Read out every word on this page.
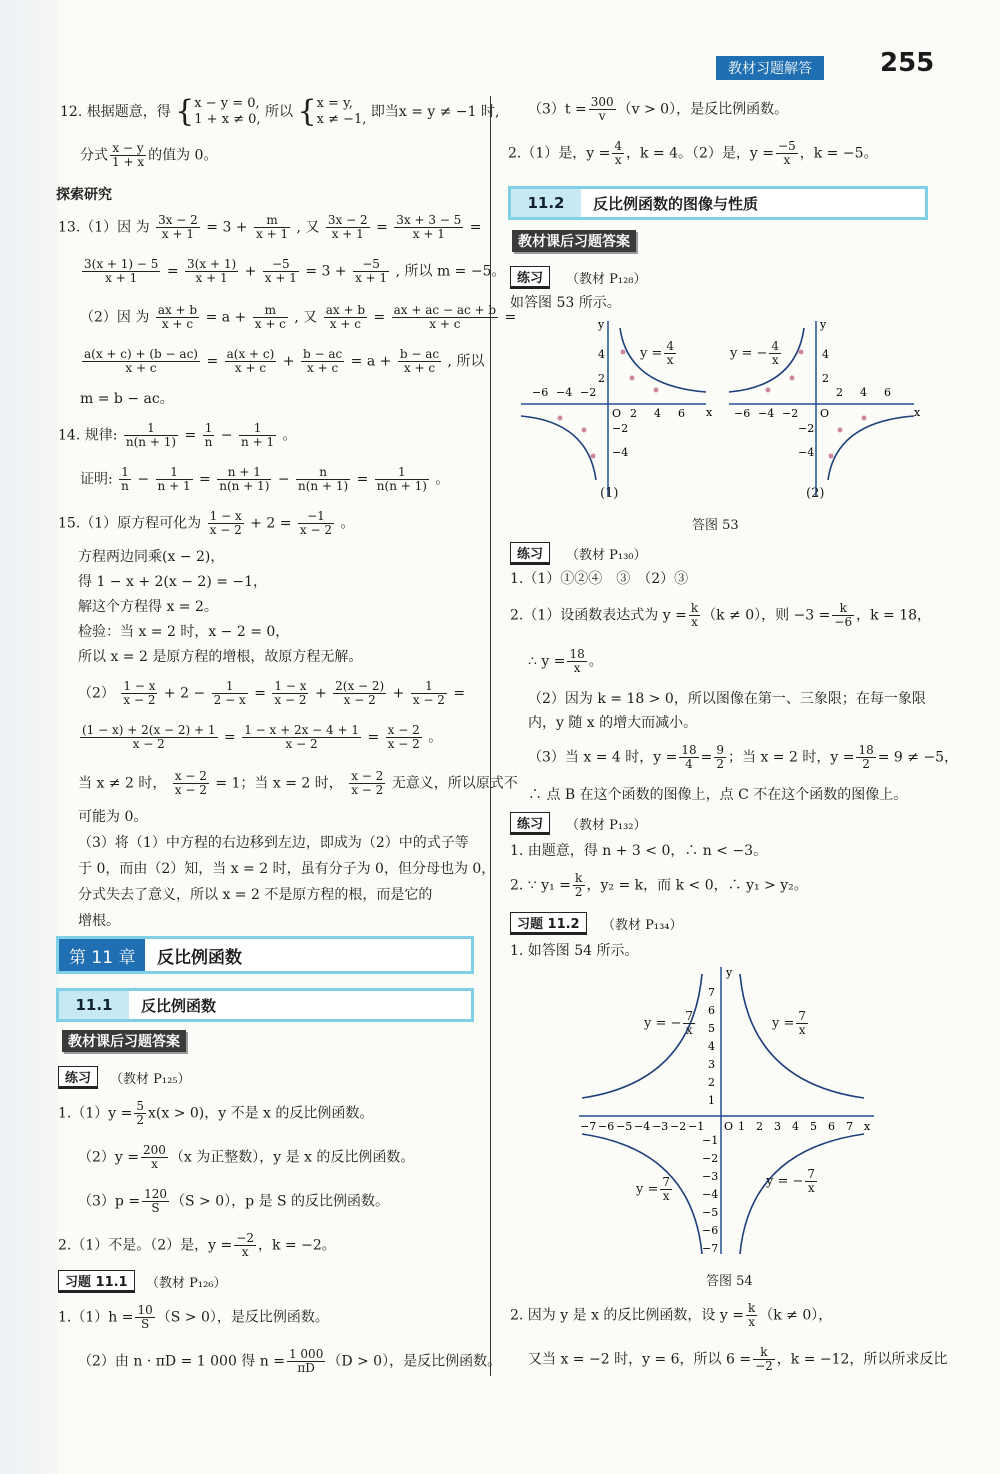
教材习题解答	255
12. 根据题意，得 { x − y = 0,
1 + x ≠ 0, 所以 { x = y,
x ≠ −1, 即当x = y ≠ −1 时,
分式 $\frac{x - y}{1 + x}$ 的值为 0。
探索研究
13.（1）因 为 $\frac{3x - 2}{x + 1} = 3 + \frac{m}{x + 1}$ , 又 $\frac{3x - 2}{x + 1} = \frac{3x + 3 - 5}{x + 1}$ =
$\frac{3(x + 1) - 5}{x + 1} = \frac{3(x + 1)}{x + 1} + \frac{-5}{x + 1} = 3 + \frac{-5}{x + 1}$ , 所以 m = −5。
（2）因 为 $\frac{ax + b}{x + c} = a + \frac{m}{x + c}$ , 又 $\frac{ax + b}{x + c} = \frac{ax + ac - ac + b}{x + c}$ =
$\frac{a(x + c) + (b - ac)}{x + c} = \frac{a(x + c)}{x + c} + \frac{b - ac}{x + c} = a + \frac{b - ac}{x + c}$ , 所以
m = b − ac。
14. 规律: $\frac{1}{n(n + 1)} = \frac{1}{n} - \frac{1}{n + 1}$ 。
证明: $\frac{1}{n} - \frac{1}{n + 1} = \frac{n + 1}{n(n + 1)} - \frac{n}{n(n + 1)} = \frac{1}{n(n + 1)}$ 。
15.（1）原方程可化为 $\frac{1 - x}{x - 2} + 2 = \frac{-1}{x - 2}$ 。
方程两边同乘(x − 2)，
得 1 − x + 2(x − 2) = −1，
解这个方程得 x = 2。
检验：当 x = 2 时，x − 2 = 0，
所以 x = 2 是原方程的增根，故原方程无解。
$(2) \frac{1 - x}{x - 2} + 2 - \frac{1}{2 - x} = \frac{1 - x}{x - 2} + \frac{2(x - 2)}{x - 2} + \frac{1}{x - 2}$ =
$\frac{(1 - x) + 2(x - 2) + 1}{x - 2} = \frac{1 - x + 2x - 4 + 1}{x - 2} = \frac{x - 2}{x - 2}$ 。
当 x ≠ 2 时， $\frac{x - 2}{x - 2} = 1$；当 x = 2 时， $\frac{x - 2}{x - 2}$ 无意义，所以原式不
可能为 0。
（3）将（1）中方程的右边移到左边，即成为（2）中的式子等
于 0，而由（2）知，当 x = 2 时，虽有分子为 0，但分母也为 0，
分式失去了意义，所以 x = 2 不是原方程的根，而是它的
增根。
第 11 章	反比例函数
11.1	反比例函数
教材课后习题答案
练习	（教材 P₁₂₅）
$1.(1)y = \frac{5}{2} x(x > 0)$，y 不是 x 的反比例函数。
$(2)y = \frac{200}{x} (x$ 为正整数），y 是 x 的反比例函数。
$(3)p = \frac{120}{S} (S > 0)$，p 是 S 的反比例函数。
2.（1）不是。（2）是，$y = \frac{-2}{x}$ ，k = −2。
习题 11.1	（教材 P₁₂₆）
$1.(1)h = \frac{10}{S} (S > 0)$，是反比例函数。
（2）由 n · πD = 1 000 得 $n = \frac{1 000}{\pi D} (D > 0)$，是反比例函数。
$(3)t = \frac{300}{v} (v > 0)$，是反比例函数。
2.（1）是，$y = \frac{4}{x}$ ，k = 4。（2）是，$y = \frac{-5}{x}$ ，k = −5。
11.2	反比例函数的图像与性质
教材课后习题答案
练习	（教材 P₁₂₈）
如答图 53 所示。
x
y
−6 −4 −2
O 2 4 6
4
2
−2
−4
$y = \frac{4}{x}$
(1)
x
y
−6 −4 −2 O
2 4 6
4
2
−2
−4
y = − $\frac{4}{x}$
(2)
答图 53
练习	（教材 P₁₃₀）
1.（1）①②④　③　（2）③
2.（1）设函数表达式为 $y = \frac{k}{x} (k \ne 0)$，则 $-3 = \frac{k}{-6}$ ，k = 18，
∴ $y = \frac{18}{x}$ 。
（2）因为 k = 18 > 0，所以图像在第一、三象限；在每一象限
内，y 随 x 的增大而减小。
（3）当 x = 4 时，$y = \frac{18}{4} = \frac{9}{2}$ ；当 x = 2 时，$y = \frac{18}{2} = 9 \ne -5$，
∴ 点 B 在这个函数的图像上，点 C 不在这个函数的图像上。
练习	（教材 P₁₃₂）
1. 由题意，得 n + 3 < 0，∴ n < −3。
2. ∵ $y_1 = \frac{k}{2}$ ，y₂ = k，而 k < 0，∴ y₁ > y₂。
习题 11.2	（教材 P₁₃₄）
1. 如答图 54 所示。
x
y
−7 −6 −5 −4 −3 −2 −1 O 1 2 3 4 5 6 7
7
6
5
4
3
2
1
−1
−2
−3
−4
−5
−6
−7
y = − $\frac{7}{x}$	$y = \frac{7}{x}$
$y = \frac{7}{x}$	y = − $\frac{7}{x}$
答图 54
2. 因为 y 是 x 的反比例函数，设 $y = \frac{k}{x} (k \ne 0)$，
又当 x = −2 时，y = 6，所以 $6 = \frac{k}{-2}$ ，k = −12，所以所求反比
